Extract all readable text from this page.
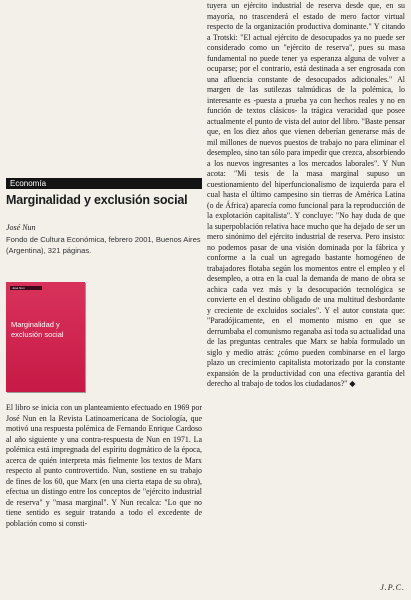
Economía
Marginalidad y exclusión social
José Nun
Fondo de Cultura Económica, febrero 2001, Buenos Aires (Argentina), 321 páginas.
José Nun
Marginalidad y exclusión social

El libro se inicia con un planteamiento efectuado en 1969 por José Nun en la Revista Latinoamericana de Sociología, que motivó una respuesta polémica de Fernando Enrique Cardoso al año siguiente y una contra-respuesta de Nun en 1971. La polémica está impregnada del espíritu dogmático de la época, acerca de quién interpreta más fielmente los textos de Marx respecto al punto controvertido. Nun, sostiene en su trabajo de fines de los 60, que Marx (en una cierta etapa de su obra), efectua un distingo entre los conceptos de "ejército industrial de reserva" y "masa marginal". Y Nun recalca: "Lo que no tiene sentido es seguir tratando a todo el excedente de población como si consti-

tuyera un ejército industrial de reserva desde que, en su mayoría, no trascenderá el estado de mero factor virtual respecto de la organización productiva dominante." Y citando a Trotski: "El actual ejército de desocupados ya no puede ser considerado como un "ejército de reserva", pues su masa fundamental no puede tener ya esperanza alguna de volver a ocuparse; por el contrario, está destinada a ser engrosada con una afluencia constante de desocupados adicionales." Al margen de las sutilezas talmúdicas de la polémica, lo interesante es -puesta a prueba ya con hechos reales y no en función de textos clásicos- la trágica veracidad que posee actualmente el punto de vista del autor del libro. "Baste pensar que, en los diez años que vienen deberían generarse más de mil millones de nuevos puestos de trabajo no para eliminar el desempleo, sino tan sólo para impedir que crezca, absorbiendo a los nuevos ingresantes a los mercados laborales". Y Nun acota: "Mi tesis de la masa marginal supuso un cuestionamiento del hiperfuncionalismo de izquierda para el cual hasta el último campesino sin tierras de América Latina (o de África) aparecía como funcional para la reproducción de la explotación capitalista". Y concluye: "No hay duda de que la superpoblación relativa hace mucho que ha dejado de ser un mero sinónimo del ejército industrial de reserva. Pero insisto: no podemos pasar de una visión dominada por la fábrica y conforme a la cual un agregado bastante homogéneo de trabajadores flotaba según los momentos entre el empleo y el desempleo, a otra en la cual la demanda de mano de obra se achica cada vez más y la desocupación tecnológica se convierte en el destino obligado de una multitud desbordante y creciente de excluidos sociales". Y el autor constata que: "Paradójicamente, en el momento mismo en que se derrumbaba el comunismo reganaba así toda su actualidad una de las preguntas centrales que Marx se había formulado un siglo y medio atrás: ¿cómo pueden combinarse en el largo plazo un crecimiento capitalista motorizado por la constante expansión de la productividad con una efectiva garantía del derecho al trabajo de todos los ciudadanos?" ◆

J.P.C.
